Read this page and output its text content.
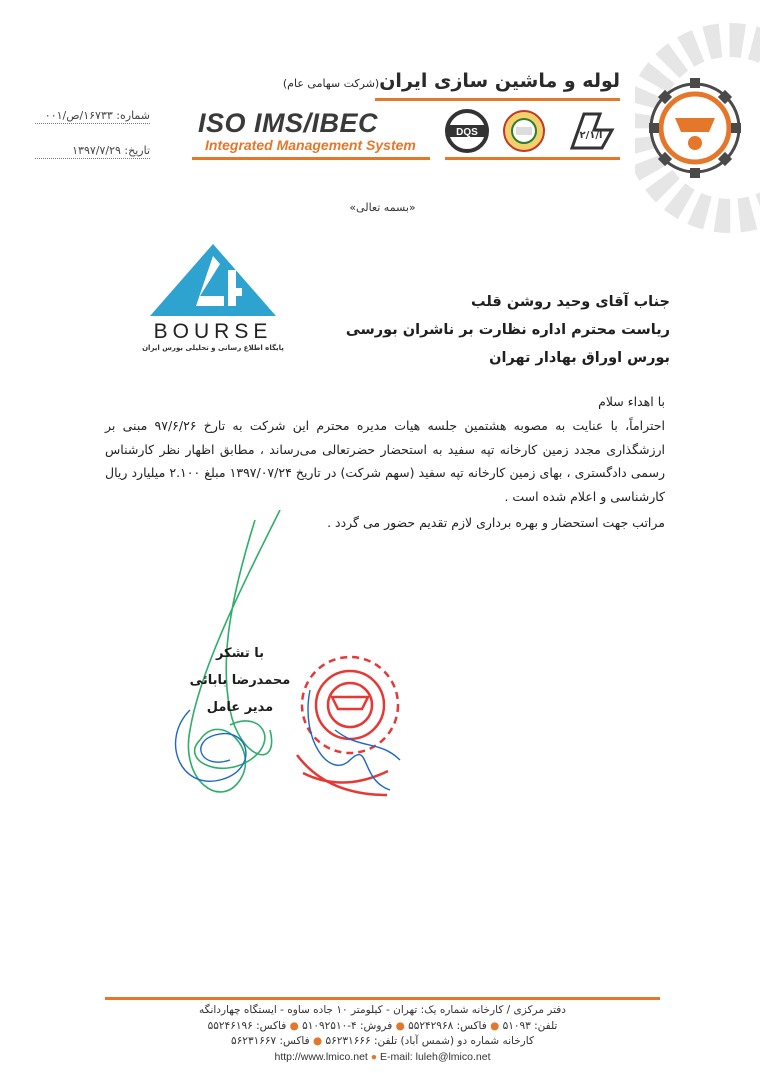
لوله و ماشین سازی ایران(شرکت سهامی عام)
ISO IMS/IBEC
Integrated Management System
DQS	ا/٢/١
شماره: ۱۶۷۳۳/ص/۰۰۱
تاریخ: ۱۳۹۷/۷/۲۹
«بسمه تعالی»
BOURSE
پایگاه اطلاع رسانی و تحلیلی بورس ایران
جناب آقای وحید روشن قلب
ریاست محترم اداره نظارت بر ناشران بورسی
بورس اوراق بهادار تهران
با اهداء سلام
احتراماً، با عنایت به مصوبه هشتمین جلسه هیات مدیره محترم این شرکت به تارخ ۹۷/۶/۲۶ مبنی بر ارزشگذاری مجدد زمین کارخانه تپه سفید به استحضار حضرتعالی می‌رساند ، مطابق اظهار نظر کارشناس رسمی دادگستری ، بهای زمین کارخانه تپه سفید (سهم شرکت) در تاریخ ۱۳۹۷/۰۷/۲۴ مبلغ ۲.۱۰۰ میلیارد ریال کارشناسی و اعلام شده است .
مراتب جهت استحضار و بهره برداری لازم تقدیم حضور می گردد .
با تشکر
محمدرضا بابائی
مدیر عامل
دفتر مرکزی / کارخانه شماره یک: تهران - کیلومتر ۱۰ جاده ساوه - ایستگاه چهاردانگه
تلفن: ۵۱۰۹۳ ● فاکس: ۵۵۲۴۲۹۶۸ ● فروش: ۴-۵۱۰۹۲۵۱۰ ● فاکس: ۵۵۲۴۶۱۹۶
کارخانه شماره دو (شمس آباد) تلفن: ۵۶۲۳۱۶۶۶ ● فاکس: ۵۶۲۳۱۶۶۷
http://www.lmico.net ● E-mail: luleh@lmico.net
